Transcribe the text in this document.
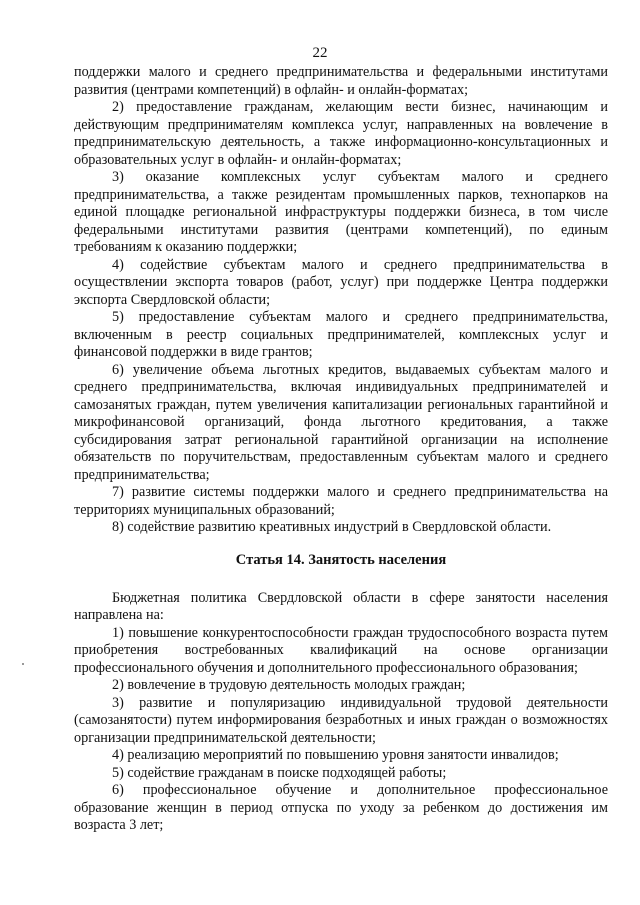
22

поддержки малого и среднего предпринимательства и федеральными институтами развития (центрами компетенций) в офлайн- и онлайн-форматах;

2) предоставление гражданам, желающим вести бизнес, начинающим и действующим предпринимателям комплекса услуг, направленных на вовлечение в предпринимательскую деятельность, а также информационно-консультационных и образовательных услуг в офлайн- и онлайн-форматах;

3) оказание комплексных услуг субъектам малого и среднего предпринимательства, а также резидентам промышленных парков, технопарков на единой площадке региональной инфраструктуры поддержки бизнеса, в том числе федеральными институтами развития (центрами компетенций), по единым требованиям к оказанию поддержки;

4) содействие субъектам малого и среднего предпринимательства в осуществлении экспорта товаров (работ, услуг) при поддержке Центра поддержки экспорта Свердловской области;

5) предоставление субъектам малого и среднего предпринимательства, включенным в реестр социальных предпринимателей, комплексных услуг и финансовой поддержки в виде грантов;

6) увеличение объема льготных кредитов, выдаваемых субъектам малого и среднего предпринимательства, включая индивидуальных предпринимателей и самозанятых граждан, путем увеличения капитализации региональных гарантийной и микрофинансовой организаций, фонда льготного кредитования, а также субсидирования затрат региональной гарантийной организации на исполнение обязательств по поручительствам, предоставленным субъектам малого и среднего предпринимательства;

7) развитие системы поддержки малого и среднего предпринимательства на территориях муниципальных образований;

8) содействие развитию креативных индустрий в Свердловской области.

Статья 14. Занятость населения

Бюджетная политика Свердловской области в сфере занятости населения направлена на:

1) повышение конкурентоспособности граждан трудоспособного возраста путем приобретения востребованных квалификаций на основе организации профессионального обучения и дополнительного профессионального образования;

2) вовлечение в трудовую деятельность молодых граждан;

3) развитие и популяризацию индивидуальной трудовой деятельности (самозанятости) путем информирования безработных и иных граждан о возможностях организации предпринимательской деятельности;

4) реализацию мероприятий по повышению уровня занятости инвалидов;

5) содействие гражданам в поиске подходящей работы;

6) профессиональное обучение и дополнительное профессиональное образование женщин в период отпуска по уходу за ребенком до достижения им возраста 3 лет;
